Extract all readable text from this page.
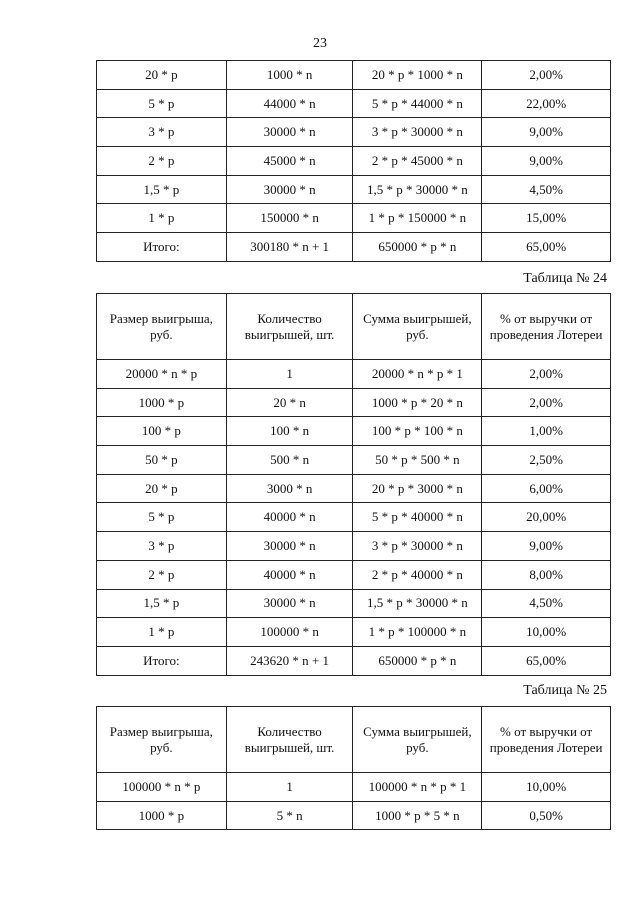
23
20 * p	1000 * n	20 * p * 1000 * n	2,00%
5 * p	44000 * n	5 * p * 44000 * n	22,00%
3 * p	30000 * n	3 * p * 30000 * n	9,00%
2 * p	45000 * n	2 * p * 45000 * n	9,00%
1,5 * p	30000 * n	1,5 * p * 30000 * n	4,50%
1 * p	150000 * n	1 * p * 150000 * n	15,00%
Итого:	300180 * n + 1	650000 * p * n	65,00%
Таблица № 24
Размер выигрыша, руб.	Количество выигрышей, шт.	Сумма выигрышей, руб.	% от выручки от проведения Лотереи
20000 * n * p	1	20000 * n * p * 1	2,00%
1000 * p	20 * n	1000 * p * 20 * n	2,00%
100 * p	100 * n	100 * p * 100 * n	1,00%
50 * p	500 * n	50 * p * 500 * n	2,50%
20 * p	3000 * n	20 * p * 3000 * n	6,00%
5 * p	40000 * n	5 * p * 40000 * n	20,00%
3 * p	30000 * n	3 * p * 30000 * n	9,00%
2 * p	40000 * n	2 * p * 40000 * n	8,00%
1,5 * p	30000 * n	1,5 * p * 30000 * n	4,50%
1 * p	100000 * n	1 * p * 100000 * n	10,00%
Итого:	243620 * n + 1	650000 * p * n	65,00%
Таблица № 25
Размер выигрыша, руб.	Количество выигрышей, шт.	Сумма выигрышей, руб.	% от выручки от проведения Лотереи
100000 * n * p	1	100000 * n * p * 1	10,00%
1000 * p	5 * n	1000 * p * 5 * n	0,50%
